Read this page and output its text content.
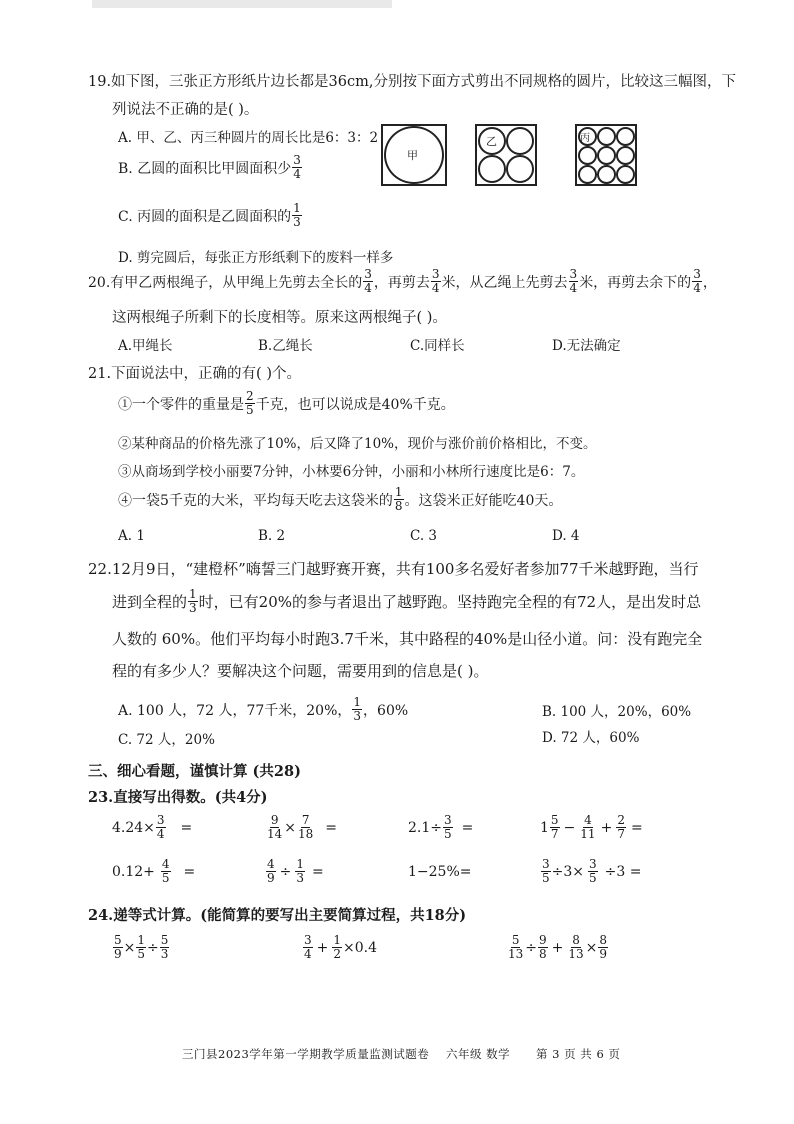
19.如下图，三张正方形纸片边长都是36cm,分别按下面方式剪出不同规格的圆片，比较这三幅图，下
列说法不正确的是( )。
A. 甲、乙、丙三种圆片的周长比是6：3：2
B. 乙圆的面积比甲圆面积少 $\frac{3}{4}$
C. 丙圆的面积是乙圆面积的 $\frac{1}{3}$
D. 剪完圆后，每张正方形纸剩下的废料一样多
甲
乙	丙
20.有甲乙两根绳子，从甲绳上先剪去全长的 $\frac{3}{4}$ ，再剪去 $\frac{3}{4}$ 米，从乙绳上先剪去 $\frac{3}{4}$ 米，再剪去余下的 $\frac{3}{4}$ ，
这两根绳子所剩下的长度相等。原来这两根绳子( )。
A.甲绳长	B.乙绳长	C.同样长	D.无法确定
21.下面说法中，正确的有( )个。
①一个零件的重量是 $\frac{2}{5}$ 千克，也可以说成是40%千克。
②某种商品的价格先涨了10%，后又降了10%，现价与涨价前价格相比，不变。
③从商场到学校小丽要7分钟，小林要6分钟，小丽和小林所行速度比是6：7。
④一袋5千克的大米，平均每天吃去这袋米的 $\frac{1}{8}$ 。这袋米正好能吃40天。
A. 1	B. 2	C. 3	D. 4
22.12月9日，“建橙杯”嗨誓三门越野赛开赛，共有100多名爱好者参加77千米越野跑，当行
进到全程的 $\frac{1}{3}$ 时，已有20%的参与者退出了越野跑。坚持跑完全程的有72人，是出发时总
人数的 60%。他们平均每小时跑3.7千米，其中路程的40%是山径小道。问：没有跑完全
程的有多少人？要解决这个问题，需要用到的信息是( )。
A. 100 人，72 人，77千米，20%， $\frac{1}{3}$ ，60%	B. 100 人，20%，60%
C. 72 人，20%	D. 72 人，60%
三、细心看题，谨慎计算 (共28)
23.直接写出得数。(共4分)
$4.24\times \frac{3}{4}$ =	$\frac{9}{14} \times \frac{7}{18}$ =	$2.1\div \frac{3}{5}$ =	$1 \frac{5}{7} - \frac{4}{11} + \frac{2}{7}$ =
$0.12+ \frac{4}{5}$ =	$\frac{4}{9} \div \frac{1}{3}$ =	1−25%=	$\frac{3}{5} \div 3\times \frac{3}{5} \div 3$ =
24.递等式计算。(能简算的要写出主要简算过程，共18分)
$\frac{5}{9} \times \frac{1}{5} \div \frac{5}{3}$	$\frac{3}{4} + \frac{1}{2} \times 0.4$	$\frac{5}{13} \div \frac{9}{8} + \frac{8}{13} \times \frac{8}{9}$
三门县2023学年第一学期教学质量监测试题卷 六年级 数学 第 3 页 共 6 页
